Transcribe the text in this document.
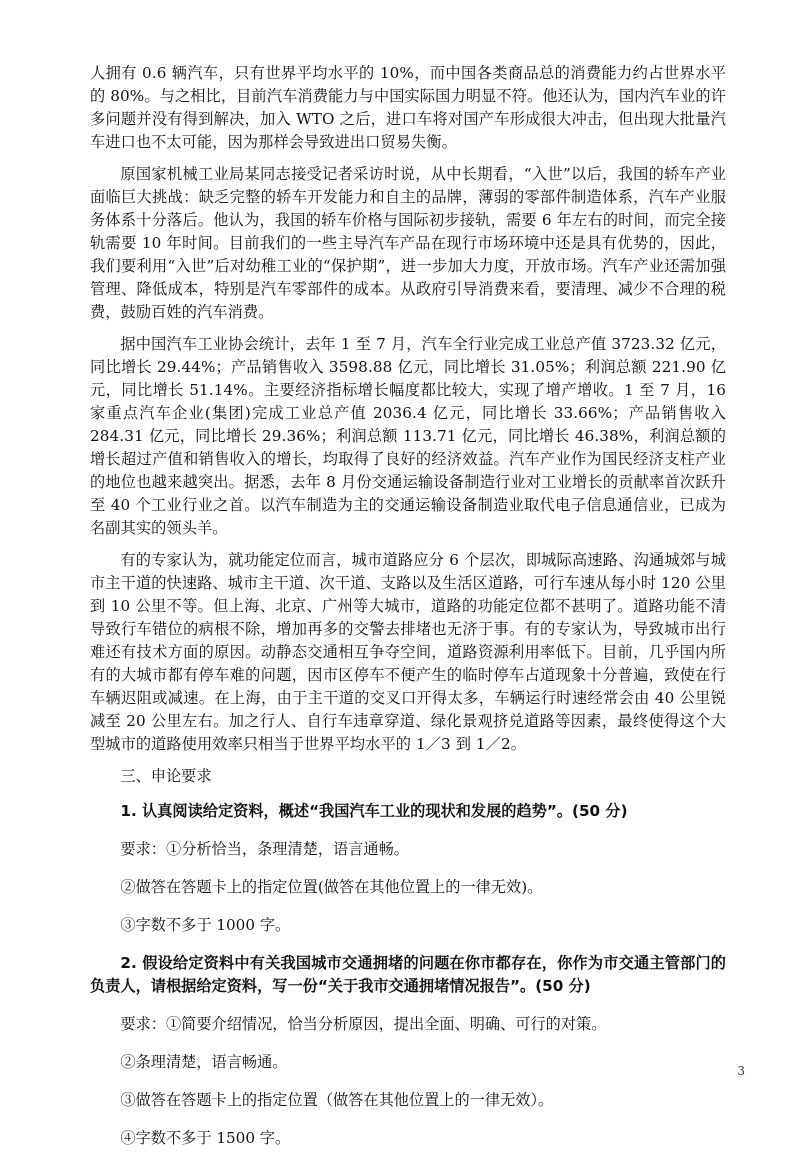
人拥有 0.6 辆汽车，只有世界平均水平的 10%，而中国各类商品总的消费能力约占世界水平的 80%。与之相比，目前汽车消费能力与中国实际国力明显不符。他还认为，国内汽车业的许多问题并没有得到解决，加入 WTO 之后，进口车将对国产车形成很大冲击，但出现大批量汽车进口也不太可能，因为那样会导致进出口贸易失衡。

原国家机械工业局某同志接受记者采访时说，从中长期看，“入世”以后，我国的轿车产业面临巨大挑战：缺乏完整的轿车开发能力和自主的品牌，薄弱的零部件制造体系，汽车产业服务体系十分落后。他认为，我国的轿车价格与国际初步接轨，需要 6 年左右的时间，而完全接轨需要 10 年时间。目前我们的一些主导汽车产品在现行市场环境中还是具有优势的，因此，我们要利用“入世”后对幼稚工业的“保护期”，进一步加大力度，开放市场。汽车产业还需加强管理、降低成本，特别是汽车零部件的成本。从政府引导消费来看，要清理、减少不合理的税费，鼓励百姓的汽车消费。

据中国汽车工业协会统计，去年 1 至 7 月，汽车全行业完成工业总产值 3723.32 亿元，同比增长 29.44%；产品销售收入 3598.88 亿元，同比增长 31.05%；利润总额 221.90 亿元，同比增长 51.14%。主要经济指标增长幅度都比较大，实现了增产增收。1 至 7 月，16 家重点汽车企业(集团)完成工业总产值 2036.4 亿元，同比增长 33.66%；产品销售收入 284.31 亿元，同比增长 29.36%；利润总额 113.71 亿元，同比增长 46.38%，利润总额的增长超过产值和销售收入的增长，均取得了良好的经济效益。汽车产业作为国民经济支柱产业的地位也越来越突出。据悉，去年 8 月份交通运输设备制造行业对工业增长的贡献率首次跃升至 40 个工业行业之首。以汽车制造为主的交通运输设备制造业取代电子信息通信业，已成为名副其实的领头羊。

有的专家认为，就功能定位而言，城市道路应分 6 个层次，即城际高速路、沟通城郊与城市主干道的快速路、城市主干道、次干道、支路以及生活区道路，可行车速从每小时 120 公里到 10 公里不等。但上海、北京、广州等大城市，道路的功能定位都不甚明了。道路功能不清导致行车错位的病根不除，增加再多的交警去排堵也无济于事。有的专家认为，导致城市出行难还有技术方面的原因。动静态交通相互争夺空间，道路资源利用率低下。目前，几乎国内所有的大城市都有停车难的问题，因市区停车不便产生的临时停车占道现象十分普遍，致使在行车辆迟阻或减速。在上海，由于主干道的交叉口开得太多，车辆运行时速经常会由 40 公里锐减至 20 公里左右。加之行人、自行车违章穿道、绿化景观挤兑道路等因素，最终使得这个大型城市的道路使用效率只相当于世界平均水平的 1／3 到 1／2。

三、申论要求

1. 认真阅读给定资料，概述“我国汽车工业的现状和发展的趋势”。(50 分)

要求：①分析恰当，条理清楚，语言通畅。

②做答在答题卡上的指定位置(做答在其他位置上的一律无效)。

③字数不多于 1000 字。

2. 假设给定资料中有关我国城市交通拥堵的问题在你市都存在，你作为市交通主管部门的负责人，请根据给定资料，写一份“关于我市交通拥堵情况报告”。(50 分)

要求：①简要介绍情况，恰当分析原因，提出全面、明确、可行的对策。

②条理清楚，语言畅通。

③做答在答题卡上的指定位置（做答在其他位置上的一律无效）。

④字数不多于 1500 字。

3
